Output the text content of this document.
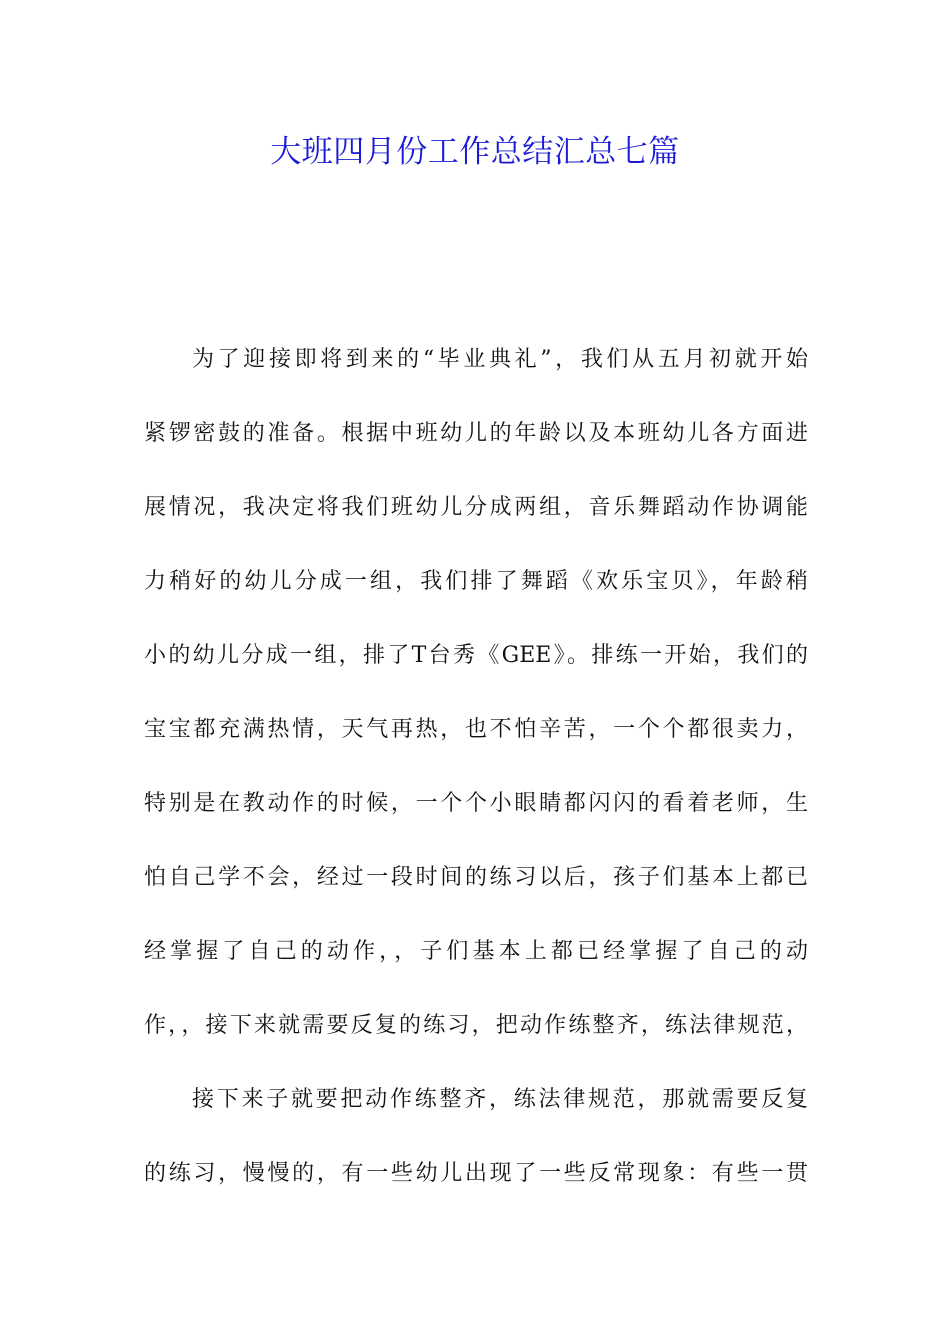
大班四月份工作总结汇总七篇
为了迎接即将到来的“毕业典礼”，我们从五月初就开始
紧锣密鼓的准备。根据中班幼儿的年龄以及本班幼儿各方面进
展情况，我决定将我们班幼儿分成两组，音乐舞蹈动作协调能
力稍好的幼儿分成一组，我们排了舞蹈《欢乐宝贝》，年龄稍
小的幼儿分成一组，排了T台秀《GEE》。排练一开始，我们的
宝宝都充满热情，天气再热，也不怕辛苦，一个个都很卖力，
特别是在教动作的时候，一个个小眼睛都闪闪的看着老师，生
怕自己学不会，经过一段时间的练习以后，孩子们基本上都已
经掌握了自己的动作，，子们基本上都已经掌握了自己的动
作，，接下来就需要反复的练习，把动作练整齐，练法律规范，
接下来子就要把动作练整齐，练法律规范，那就需要反复
的练习，慢慢的，有一些幼儿出现了一些反常现象：有些一贯
